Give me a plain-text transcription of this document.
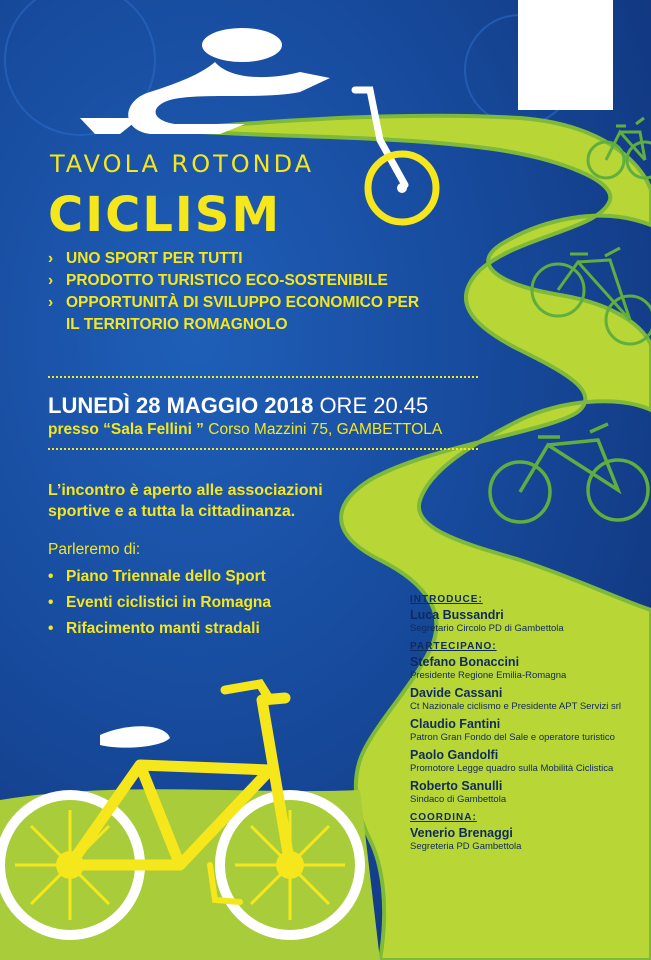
TAVOLA ROTONDA
CICLISM
› UNO SPORT PER TUTTI
› PRODOTTO TURISTICO ECO-SOSTENIBILE
› OPPORTUNITÀ DI SVILUPPO ECONOMICO PER IL TERRITORIO ROMAGNOLO
LUNEDÌ 28 MAGGIO 2018 ORE 20.45
presso “Sala Fellini ” Corso Mazzini 75, GAMBETTOLA
L’incontro è aperto alle associazioni sportive e a tutta la cittadinanza.
Parleremo di:
• Piano Triennale dello Sport
• Eventi ciclistici in Romagna
• Rifacimento manti stradali
INTRODUCE:
Luca Bussandri
Segretario Circolo PD di Gambettola
PARTECIPANO:
Stefano Bonaccini
Presidente Regione Emilia-Romagna
Davide Cassani
Ct Nazionale ciclismo e Presidente APT Servizi srl
Claudio Fantini
Patron Gran Fondo del Sale e operatore turistico
Paolo Gandolfi
Promotore Legge quadro sulla Mobilità Ciclistica
Roberto Sanulli
Sindaco di Gambettola
COORDINA:
Venerio Brenaggi
Segreteria PD Gambettola
